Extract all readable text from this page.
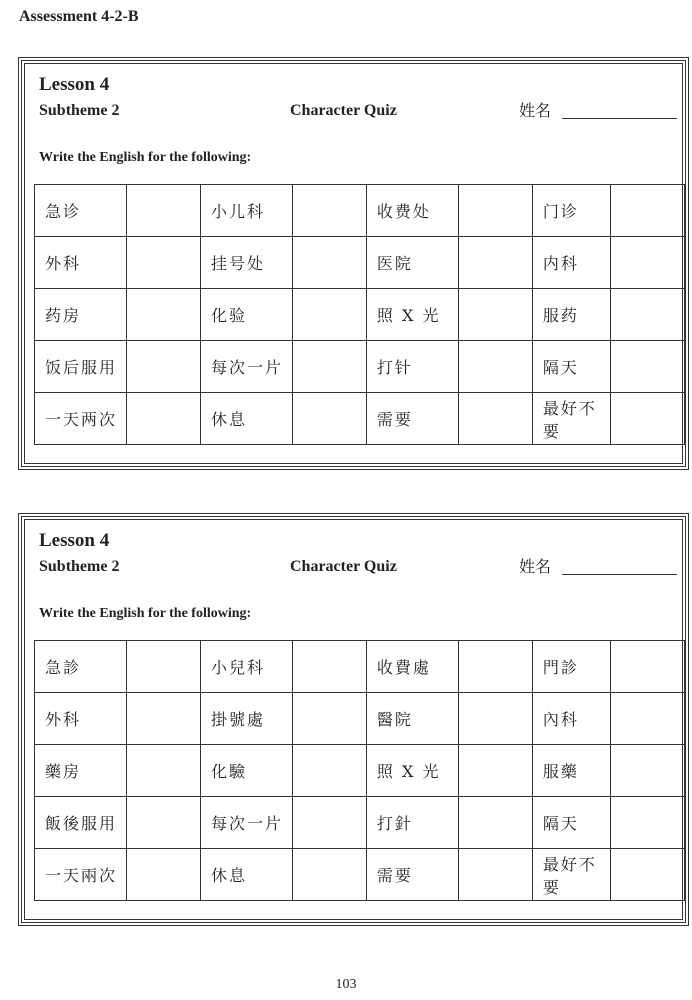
Assessment 4-2-B
Lesson 4
Subtheme 2	Character Quiz	姓名
Write the English for the following:
急诊		小儿科		收费处		门诊	
外科		挂号处		医院		内科	
药房		化验		照 X 光		服药	
饭后服用		每次一片		打针		隔天	
一天两次		休息		需要		最好不要	
Lesson 4
Subtheme 2	Character Quiz	姓名
Write the English for the following:
急診		小兒科		收費處		門診	
外科		掛號處		醫院		內科	
藥房		化驗		照 X 光		服藥	
飯後服用		每次一片		打針		隔天	
一天兩次		休息		需要		最好不要	
103
